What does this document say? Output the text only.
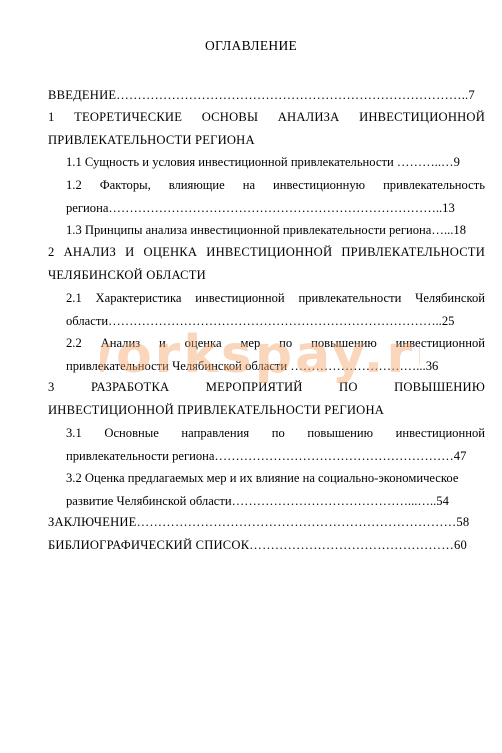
ОГЛАВЛЕНИЕ
ВВЕДЕНИЕ………………………………………………………………………..7
1 ТЕОРЕТИЧЕСКИЕ ОСНОВЫ АНАЛИЗА ИНВЕСТИЦИОННОЙ
ПРИВЛЕКАТЕЛЬНОСТИ РЕГИОНА
1.1 Сущность и условия инвестиционной привлекательности ………..…9
1.2 Факторы, влияющие на инвестиционную привлекательность
региона……………………………………………………………………..13
1.3 Принципы анализа инвестиционной привлекательности региона…...18
2 АНАЛИЗ И ОЦЕНКА ИНВЕСТИЦИОННОЙ ПРИВЛЕКАТЕЛЬНОСТИ
ЧЕЛЯБИНСКОЙ ОБЛАСТИ
2.1 Характеристика инвестиционной привлекательности Челябинской
области……………………………………………………………………..25
2.2 Анализ и оценка мер по повышению инвестиционной
привлекательности Челябинской области …………………………...36
3 РАЗРАБОТКА МЕРОПРИЯТИЙ ПО ПОВЫШЕНИЮ
ИНВЕСТИЦИОННОЙ ПРИВЛЕКАТЕЛЬНОСТИ РЕГИОНА
3.1 Основные направления по повышению инвестиционной
привлекательности региона…………………………………………………47
3.2 Оценка предлагаемых мер и их влияние на социально-экономическое
развитие Челябинской области……………………………………...…..54
ЗАКЛЮЧЕНИЕ…………………………………………………………………58
БИБЛИОГРАФИЧЕСКИЙ СПИСОК…………………………………………60
orkspay.r
